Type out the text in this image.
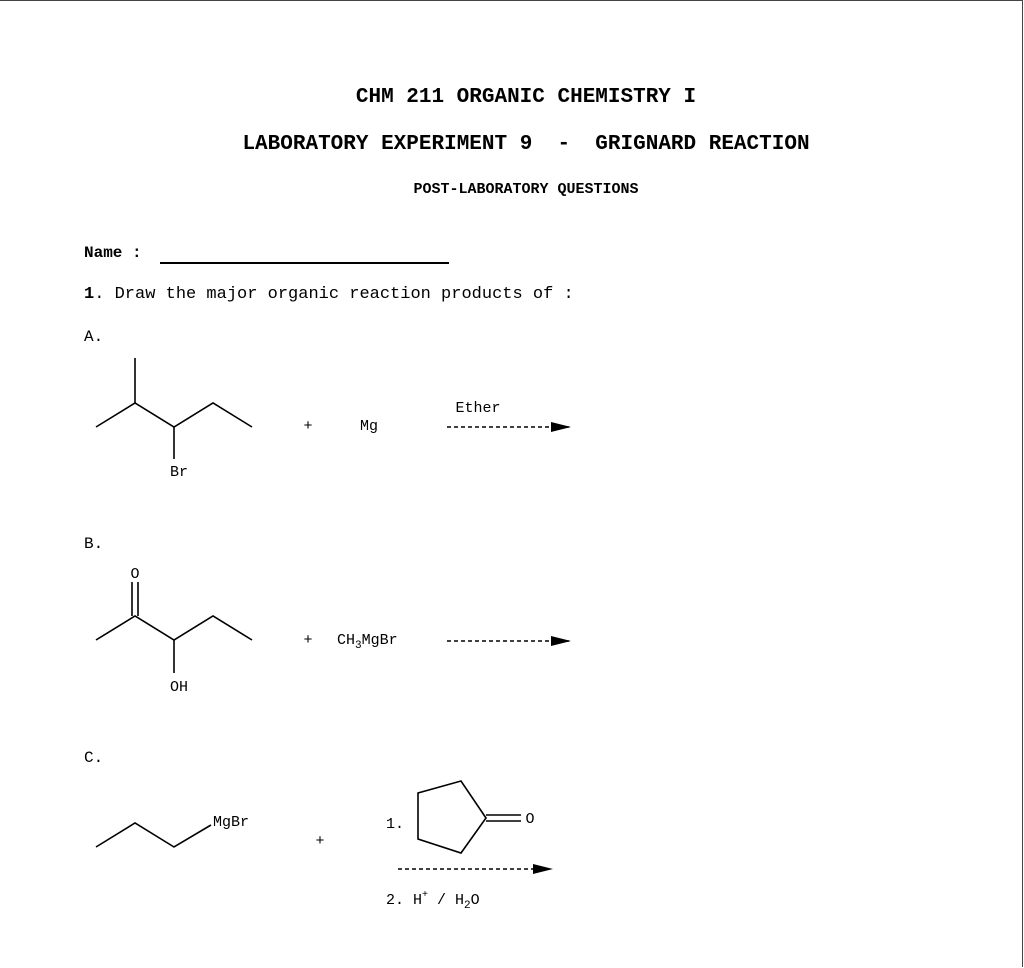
CHM 211 ORGANIC CHEMISTRY I
LABORATORY EXPERIMENT 9  -  GRIGNARD REACTION
POST-LABORATORY QUESTIONS
Name :
1. Draw the major organic reaction products of :
A.
B.
C.
Br
+	Mg
Ether
O
OH
+ $CH_3MgBr$
MgBr
+
1.	O
2. $H^+ / H_2O$
